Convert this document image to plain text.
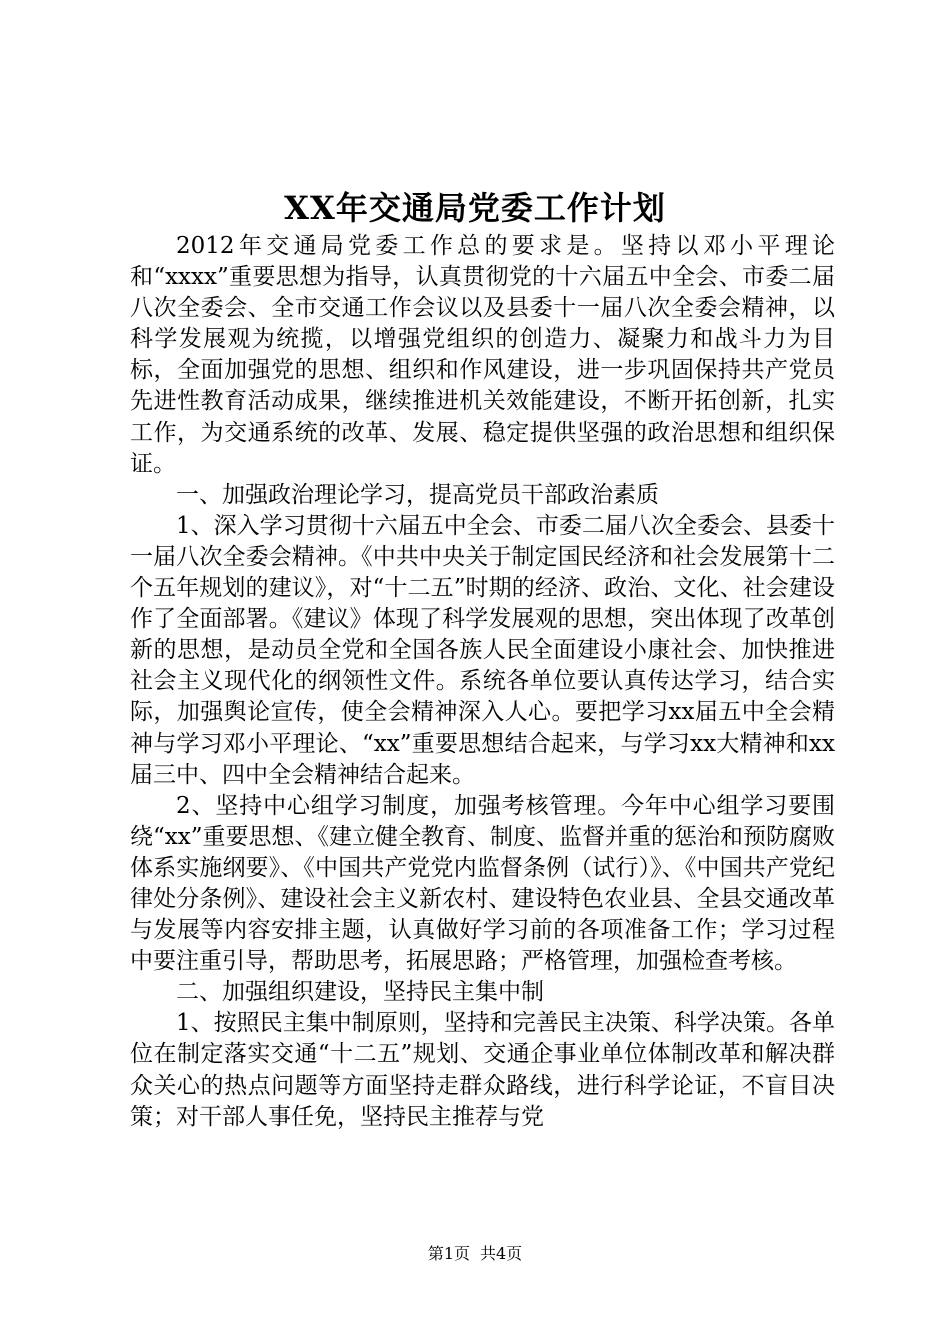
XX年交通局党委工作计划

2012年交通局党委工作总的要求是。坚持以邓小平理论和“xxxx”重要思想为指导，认真贯彻党的十六届五中全会、市委二届八次全委会、全市交通工作会议以及县委十一届八次全委会精神，以科学发展观为统揽，以增强党组织的创造力、凝聚力和战斗力为目标，全面加强党的思想、组织和作风建设，进一步巩固保持共产党员先进性教育活动成果，继续推进机关效能建设，不断开拓创新，扎实工作，为交通系统的改革、发展、稳定提供坚强的政治思想和组织保证。

一、加强政治理论学习，提高党员干部政治素质

1、深入学习贯彻十六届五中全会、市委二届八次全委会、县委十一届八次全委会精神。《中共中央关于制定国民经济和社会发展第十二个五年规划的建议》，对“十二五”时期的经济、政治、文化、社会建设作了全面部署。《建议》体现了科学发展观的思想，突出体现了改革创新的思想，是动员全党和全国各族人民全面建设小康社会、加快推进社会主义现代化的纲领性文件。系统各单位要认真传达学习，结合实际，加强舆论宣传，使全会精神深入人心。要把学习xx届五中全会精神与学习邓小平理论、“xx”重要思想结合起来，与学习xx大精神和xx届三中、四中全会精神结合起来。

2、坚持中心组学习制度，加强考核管理。今年中心组学习要围绕“xx”重要思想、《建立健全教育、制度、监督并重的惩治和预防腐败体系实施纲要》、《中国共产党党内监督条例（试行）》、《中国共产党纪律处分条例》、建设社会主义新农村、建设特色农业县、全县交通改革与发展等内容安排主题，认真做好学习前的各项准备工作；学习过程中要注重引导，帮助思考，拓展思路；严格管理，加强检查考核。

二、加强组织建设，坚持民主集中制

1、按照民主集中制原则，坚持和完善民主决策、科学决策。各单位在制定落实交通“十二五”规划、交通企事业单位体制改革和解决群众关心的热点问题等方面坚持走群众路线，进行科学论证，不盲目决策；对干部人事任免，坚持民主推荐与党

第1页 共4页
